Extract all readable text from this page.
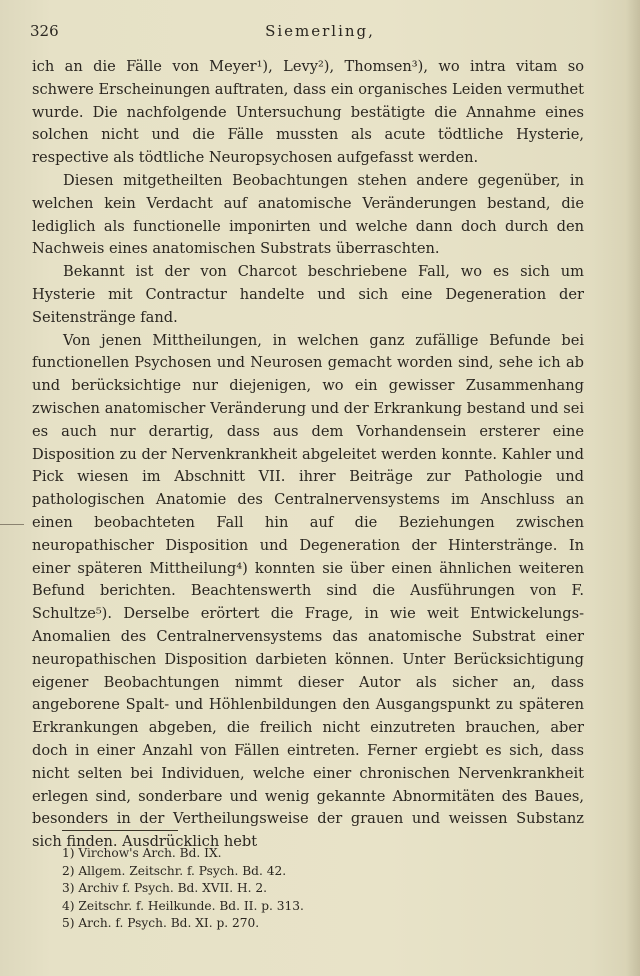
326	Siemerling,

ich an die Fälle von Meyer¹), Levy²), Thomsen³), wo intra vitam so schwere Erscheinungen auftraten, dass ein organisches Leiden vermuthet wurde. Die nachfolgende Untersuchung bestätigte die Annahme eines solchen nicht und die Fälle mussten als acute tödtliche Hysterie, respective als tödtliche Neuropsychosen aufgefasst werden.

Diesen mitgetheilten Beobachtungen stehen andere gegenüber, in welchen kein Verdacht auf anatomische Veränderungen bestand, die lediglich als functionelle imponirten und welche dann doch durch den Nachweis eines anatomischen Substrats überraschten.

Bekannt ist der von Charcot beschriebene Fall, wo es sich um Hysterie mit Contractur handelte und sich eine Degeneration der Seitenstränge fand.

Von jenen Mittheilungen, in welchen ganz zufällige Befunde bei functionellen Psychosen und Neurosen gemacht worden sind, sehe ich ab und berücksichtige nur diejenigen, wo ein gewisser Zusammenhang zwischen anatomischer Veränderung und der Erkrankung bestand und sei es auch nur derartig, dass aus dem Vorhandensein ersterer eine Disposition zu der Nervenkrankheit abgeleitet werden konnte. Kahler und Pick wiesen im Abschnitt VII. ihrer Beiträge zur Pathologie und pathologischen Anatomie des Centralnervensystems im Anschluss an einen beobachteten Fall hin auf die Beziehungen zwischen neuropathischer Disposition und Degeneration der Hinterstränge. In einer späteren Mittheilung⁴) konnten sie über einen ähnlichen weiteren Befund berichten. Beachtenswerth sind die Ausführungen von F. Schultze⁵). Derselbe erörtert die Frage, in wie weit Entwickelungs-Anomalien des Centralnervensystems das anatomische Substrat einer neuropathischen Disposition darbieten können. Unter Berücksichtigung eigener Beobachtungen nimmt dieser Autor als sicher an, dass angeborene Spalt- und Höhlenbildungen den Ausgangspunkt zu späteren Erkrankungen abgeben, die freilich nicht einzutreten brauchen, aber doch in einer Anzahl von Fällen eintreten. Ferner ergiebt es sich, dass nicht selten bei Individuen, welche einer chronischen Nervenkrankheit erlegen sind, sonderbare und wenig gekannte Abnormitäten des Baues, besonders in der Vertheilungsweise der grauen und weissen Substanz sich finden. Ausdrücklich hebt

1) Virchow's Arch. Bd. IX.
2) Allgem. Zeitschr. f. Psych. Bd. 42.
3) Archiv f. Psych. Bd. XVII. H. 2.
4) Zeitschr. f. Heilkunde. Bd. II. p. 313.
5) Arch. f. Psych. Bd. XI. p. 270.
